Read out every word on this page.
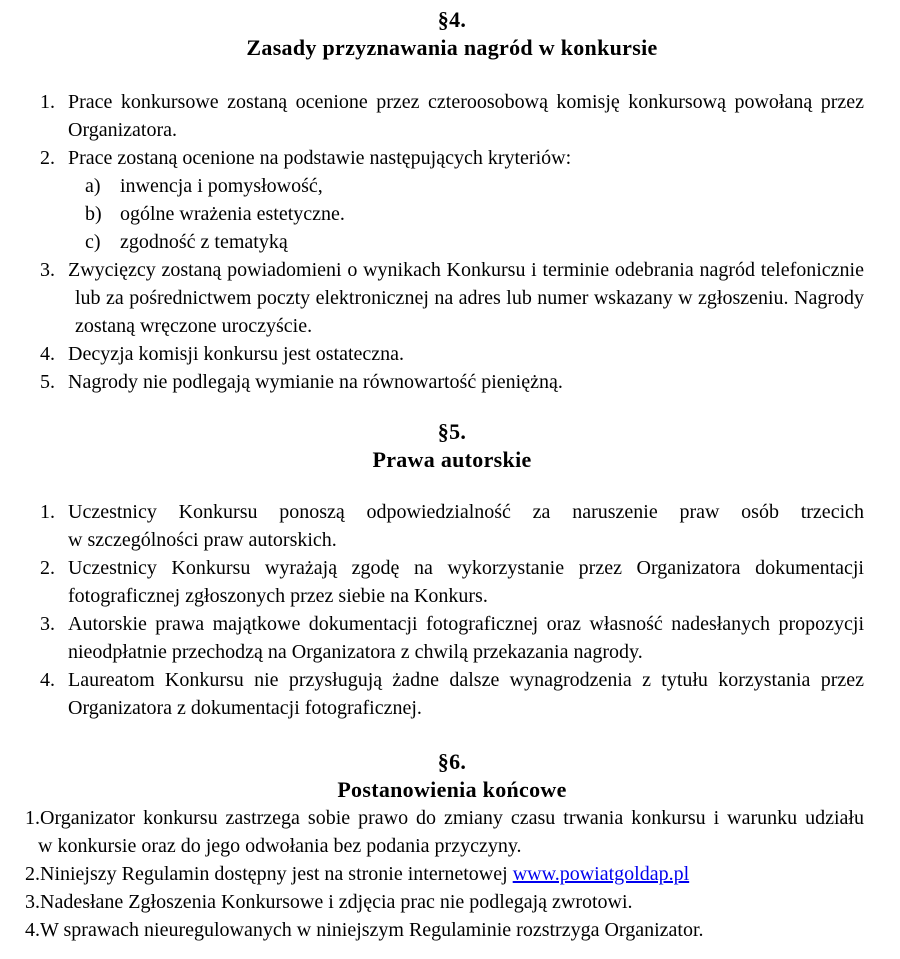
§4.
Zasady przyznawania nagród w konkursie
1. Prace konkursowe zostaną ocenione przez czteroosobową komisję konkursową powołaną przez Organizatora.
2. Prace zostaną ocenione na podstawie następujących kryteriów:
a) inwencja i pomysłowość,
b) ogólne wrażenia estetyczne.
c) zgodność z tematyką
3. Zwycięzcy zostaną powiadomieni o wynikach Konkursu i terminie odebrania nagród telefonicznie lub za pośrednictwem poczty elektronicznej na adres lub numer wskazany w zgłoszeniu. Nagrody zostaną wręczone uroczyście.
4. Decyzja komisji konkursu jest ostateczna.
5. Nagrody nie podlegają wymianie na równowartość pieniężną.
§5.
Prawa autorskie
1. Uczestnicy Konkursu ponoszą odpowiedzialność za naruszenie praw osób trzecich w szczególności praw autorskich.
2. Uczestnicy Konkursu wyrażają zgodę na wykorzystanie przez Organizatora dokumentacji fotograficznej zgłoszonych przez siebie na Konkurs.
3. Autorskie prawa majątkowe dokumentacji fotograficznej oraz własność nadesłanych propozycji nieodpłatnie przechodzą na Organizatora z chwilą przekazania nagrody.
4. Laureatom Konkursu nie przysługują żadne dalsze wynagrodzenia z tytułu korzystania przez Organizatora z dokumentacji fotograficznej.
§6.
Postanowienia końcowe
1.Organizator konkursu zastrzega sobie prawo do zmiany czasu trwania konkursu i warunku udziału w konkursie oraz do jego odwołania bez podania przyczyny.
2.Niniejszy Regulamin dostępny jest na stronie internetowej www.powiatgoldap.pl
3.Nadesłane Zgłoszenia Konkursowe i zdjęcia prac nie podlegają zwrotowi.
4.W sprawach nieuregulowanych w niniejszym Regulaminie rozstrzyga Organizator.
